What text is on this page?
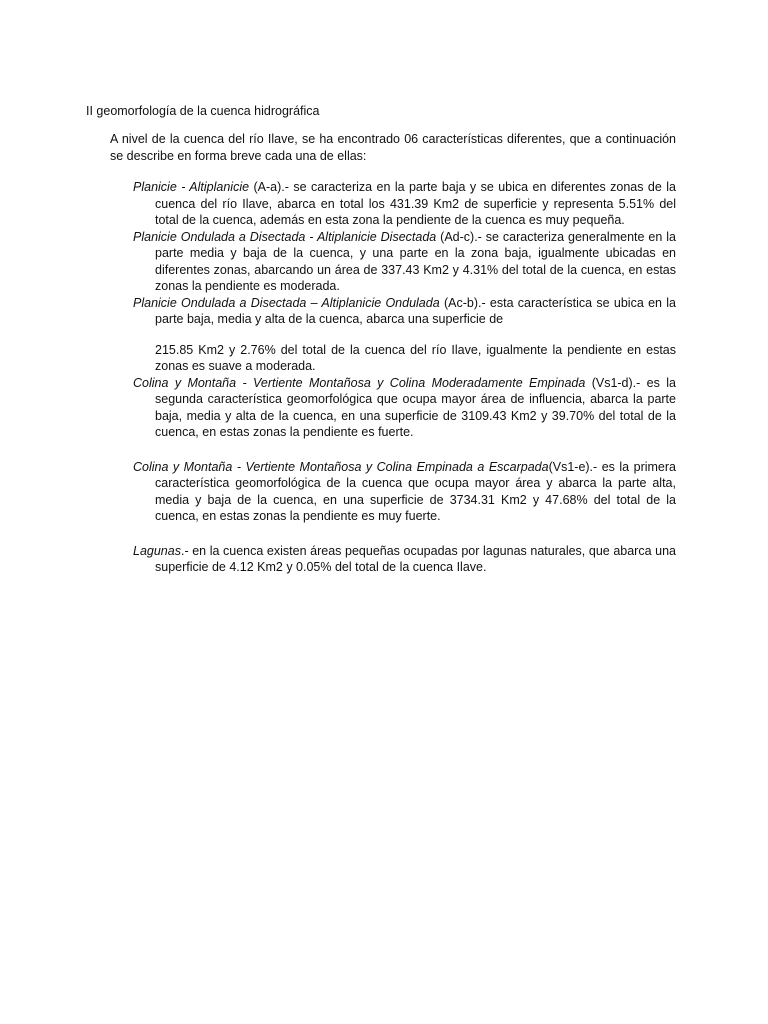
II geomorfología de la cuenca hidrográfica
A nivel de la cuenca del río Ilave, se ha encontrado 06 características diferentes, que a continuación se describe en forma breve cada una de ellas:

Planicie - Altiplanicie (A-a).- se caracteriza en la parte baja y se ubica en diferentes zonas de la cuenca del río Ilave, abarca en total los 431.39 Km2 de superficie y representa 5.51% del total de la cuenca, además en esta zona la pendiente de la cuenca es muy pequeña.

Planicie Ondulada a Disectada - Altiplanicie Disectada (Ad-c).- se caracteriza generalmente en la parte media y baja de la cuenca, y una parte en la zona baja, igualmente ubicadas en diferentes zonas, abarcando un área de 337.43 Km2 y 4.31% del total de la cuenca, en estas zonas la pendiente es moderada.

Planicie Ondulada a Disectada – Altiplanicie Ondulada (Ac-b).- esta característica se ubica en la parte baja, media y alta de la cuenca, abarca una superficie de

215.85 Km2 y 2.76% del total de la cuenca del río Ilave, igualmente la pendiente en estas zonas es suave a moderada.

Colina y Montaña - Vertiente Montañosa y Colina Moderadamente Empinada (Vs1-d).- es la segunda característica geomorfológica que ocupa mayor área de influencia, abarca la parte baja, media y alta de la cuenca, en una superficie de 3109.43 Km2 y 39.70% del total de la cuenca, en estas zonas la pendiente es fuerte.

Colina y Montaña - Vertiente Montañosa y Colina Empinada a Escarpada(Vs1-e).- es la primera característica geomorfológica de la cuenca que ocupa mayor área y abarca la parte alta, media y baja de la cuenca, en una superficie de 3734.31 Km2 y 47.68% del total de la cuenca, en estas zonas la pendiente es muy fuerte.

Lagunas.- en la cuenca existen áreas pequeñas ocupadas por lagunas naturales, que abarca una superficie de 4.12 Km2 y 0.05% del total de la cuenca Ilave.
